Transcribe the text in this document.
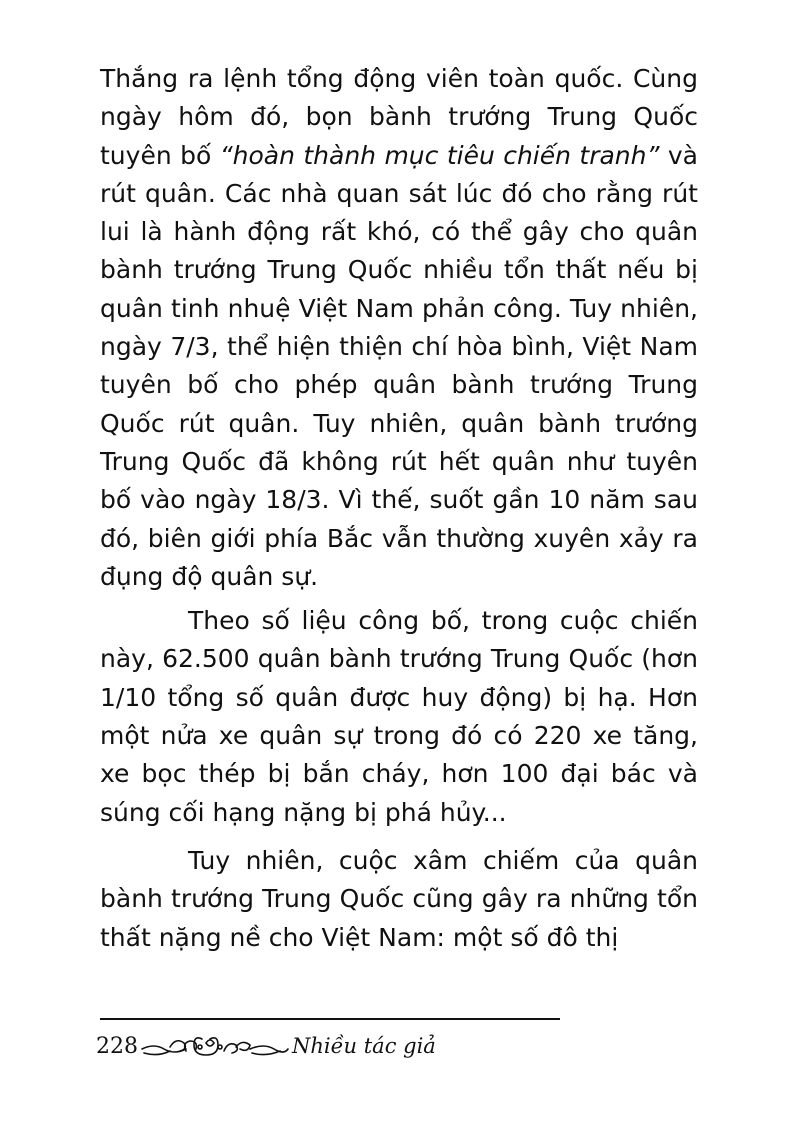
Thắng ra lệnh tổng động viên toàn quốc. Cùng ngày hôm đó, bọn bành trướng Trung Quốc tuyên bố “hoàn thành mục tiêu chiến tranh” và rút quân. Các nhà quan sát lúc đó cho rằng rút lui là hành động rất khó, có thể gây cho quân bành trướng Trung Quốc nhiều tổn thất nếu bị quân tinh nhuệ Việt Nam phản công. Tuy nhiên, ngày 7/3, thể hiện thiện chí hòa bình, Việt Nam tuyên bố cho phép quân bành trướng Trung Quốc rút quân. Tuy nhiên, quân bành trướng Trung Quốc đã không rút hết quân như tuyên bố vào ngày 18/3. Vì thế, suốt gần 10 năm sau đó, biên giới phía Bắc vẫn thường xuyên xảy ra đụng độ quân sự.

Theo số liệu công bố, trong cuộc chiến này, 62.500 quân bành trướng Trung Quốc (hơn 1/10 tổng số quân được huy động) bị hạ. Hơn một nửa xe quân sự trong đó có 220 xe tăng, xe bọc thép bị bắn cháy, hơn 100 đại bác và súng cối hạng nặng bị phá hủy...

Tuy nhiên, cuộc xâm chiếm của quân bành trướng Trung Quốc cũng gây ra những tổn thất nặng nề cho Việt Nam: một số đô thị

228	Nhiều tác giả
